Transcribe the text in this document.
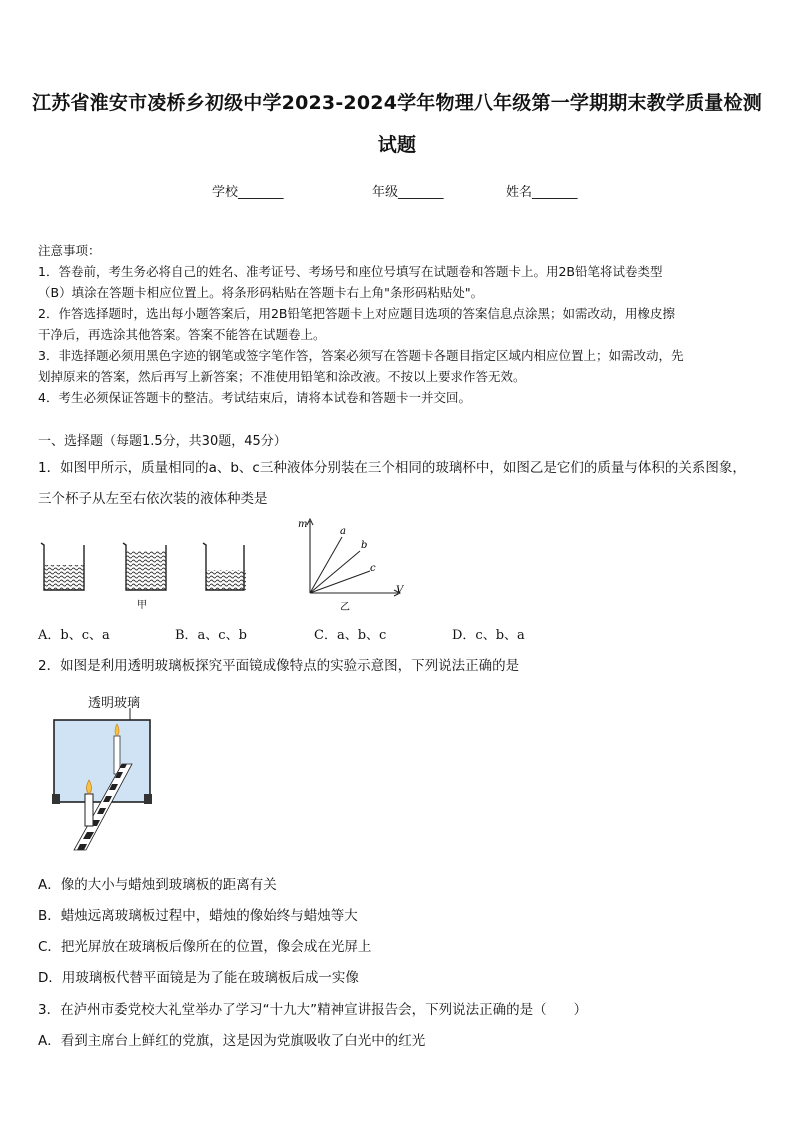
江苏省淮安市凌桥乡初级中学2023-2024学年物理八年级第一学期期末教学质量检测
试题
学校_______	年级_______	姓名_______
注意事项：
1．答卷前，考生务必将自己的姓名、准考证号、考场号和座位号填写在试题卷和答题卡上。用2B铅笔将试卷类型
（B）填涂在答题卡相应位置上。将条形码粘贴在答题卡右上角"条形码粘贴处"。
2．作答选择题时，选出每小题答案后，用2B铅笔把答题卡上对应题目选项的答案信息点涂黑；如需改动，用橡皮擦
干净后，再选涂其他答案。答案不能答在试题卷上。
3．非选择题必须用黑色字迹的钢笔或签字笔作答，答案必须写在答题卡各题目指定区域内相应位置上；如需改动，先
划掉原来的答案，然后再写上新答案；不准使用铅笔和涂改液。不按以上要求作答无效。
4．考生必须保证答题卡的整洁。考试结束后，请将本试卷和答题卡一并交回。
一、选择题（每题1.5分，共30题，45分）
1．如图甲所示，质量相同的a、b、c三种液体分别装在三个相同的玻璃杯中，如图乙是它们的质量与体积的关系图象，
三个杯子从左至右依次装的液体种类是
甲
m
V
a
b
c
乙
A．b、c、a	B．a、c、b	C．a、b、c	D．c、b、a
2．如图是利用透明玻璃板探究平面镜成像特点的实验示意图，下列说法正确的是
透明玻璃
A．像的大小与蜡烛到玻璃板的距离有关
B．蜡烛远离玻璃板过程中，蜡烛的像始终与蜡烛等大
C．把光屏放在玻璃板后像所在的位置，像会成在光屏上
D．用玻璃板代替平面镜是为了能在玻璃板后成一实像
3．在泸州市委党校大礼堂举办了学习“十九大”精神宣讲报告会，下列说法正确的是（　　）
A．看到主席台上鲜红的党旗，这是因为党旗吸收了白光中的红光
